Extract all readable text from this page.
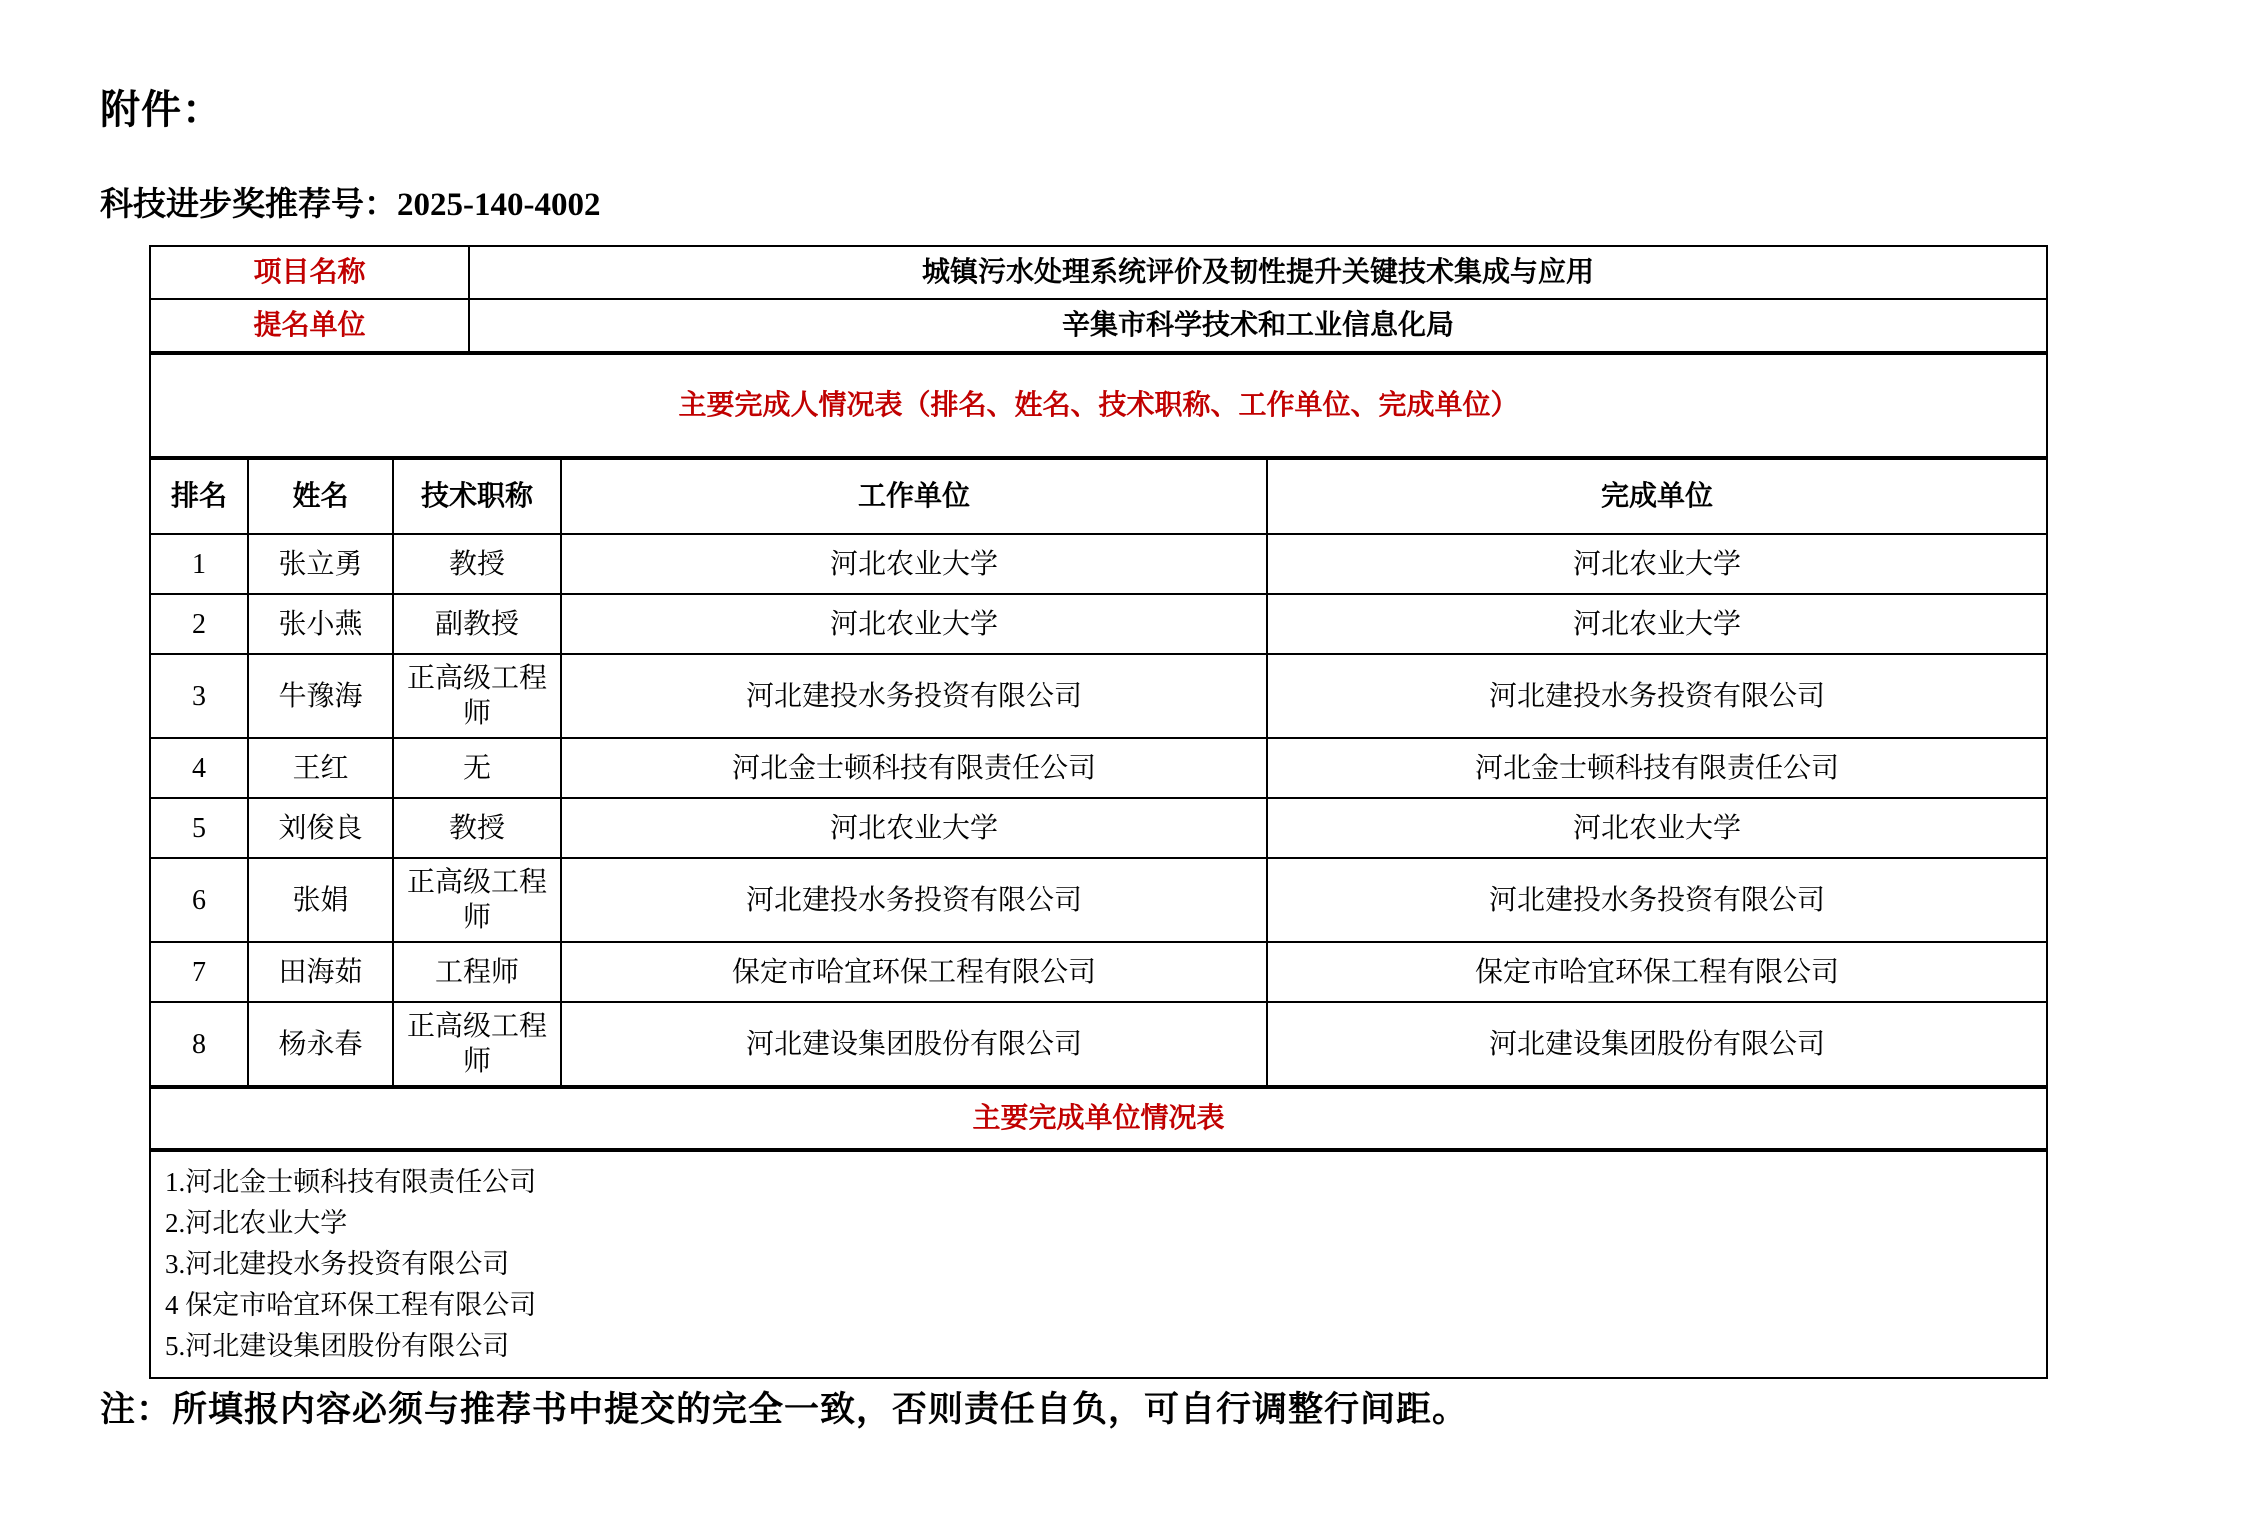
附件：
科技进步奖推荐号：2025-140-4002
项目名称	城镇污水处理系统评价及韧性提升关键技术集成与应用
提名单位	辛集市科学技术和工业信息化局
主要完成人情况表（排名、姓名、技术职称、工作单位、完成单位）
排名	姓名	技术职称	工作单位	完成单位
1	张立勇	教授	河北农业大学	河北农业大学
2	张小燕	副教授	河北农业大学	河北农业大学
3	牛豫海	正高级工程师	河北建投水务投资有限公司	河北建投水务投资有限公司
4	王红	无	河北金士顿科技有限责任公司	河北金士顿科技有限责任公司
5	刘俊良	教授	河北农业大学	河北农业大学
6	张娟	正高级工程师	河北建投水务投资有限公司	河北建投水务投资有限公司
7	田海茹	工程师	保定市哈宜环保工程有限公司	保定市哈宜环保工程有限公司
8	杨永春	正高级工程师	河北建设集团股份有限公司	河北建设集团股份有限公司
主要完成单位情况表
1.河北金士顿科技有限责任公司
2.河北农业大学
3.河北建投水务投资有限公司
4 保定市哈宜环保工程有限公司
5.河北建设集团股份有限公司
注：所填报内容必须与推荐书中提交的完全一致，否则责任自负，可自行调整行间距。
